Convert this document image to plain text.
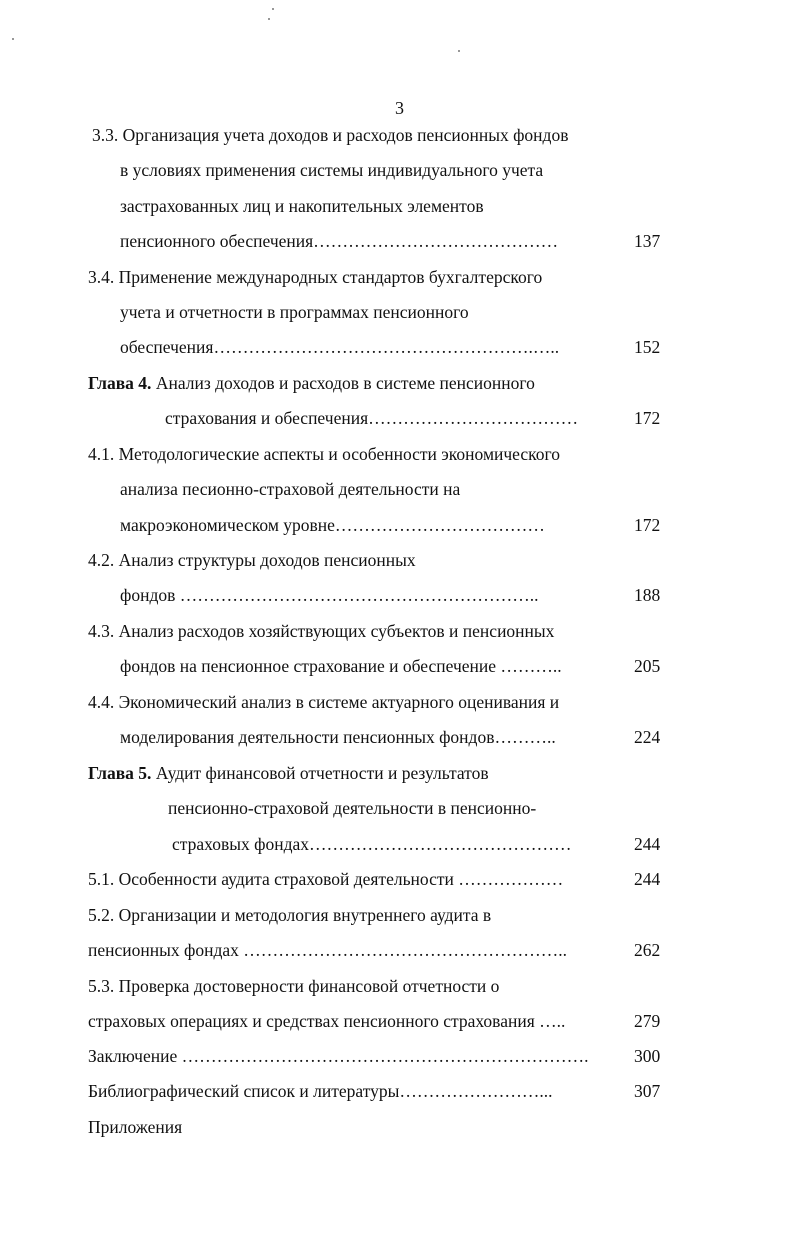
3
3.3. Организация учета доходов и расходов пенсионных фондов
в условиях применения системы индивидуального учета
застрахованных лиц и накопительных элементов
пенсионного обеспечения……………………………………	137
3.4. Применение международных стандартов бухгалтерского
учета и отчетности в программах пенсионного
обеспечения……………………………………………….…..	152
Глава 4. Анализ доходов и расходов в системе пенсионного
страхования и обеспечения………………………………	172
4.1. Методологические аспекты и особенности экономического
анализа песионно-страховой деятельности на
макроэкономическом уровне………………………………	172
4.2. Анализ структуры доходов пенсионных
фондов ……………………………………………………..	188
4.3. Анализ расходов хозяйствующих субъектов и пенсионных
фондов на пенсионное страхование и обеспечение ………..	205
4.4. Экономический анализ в системе актуарного оценивания и
моделирования деятельности пенсионных фондов………..	224
Глава 5. Аудит финансовой отчетности и результатов
пенсионно-страховой деятельности в пенсионно-
страховых фондах………………………………………	244
5.1. Особенности аудита страховой деятельности ………………	244
5.2. Организации и методология внутреннего аудита в
пенсионных фондах ………………………………………………..	262
5.3. Проверка достоверности финансовой отчетности о
страховых операциях и средствах пенсионного страхования …..	279
Заключение …………………………………………………………….	300
Библиографический список и литературы……………………...	307
Приложения
